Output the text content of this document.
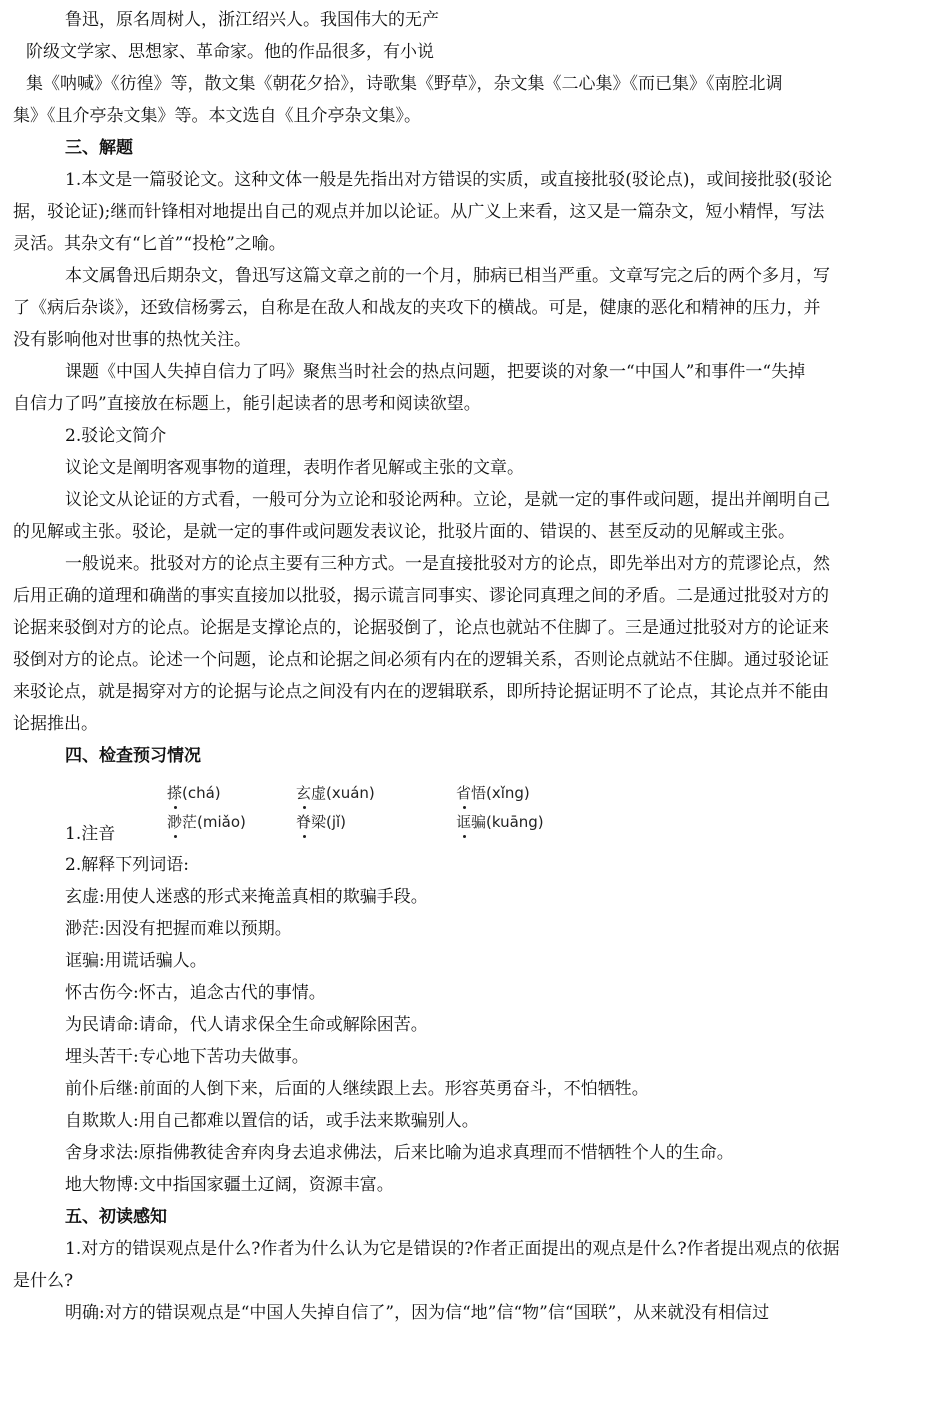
鲁迅，原名周树人，浙江绍兴人。我国伟大的无产
阶级文学家、思想家、革命家。他的作品很多，有小说
集《呐喊》《彷徨》等，散文集《朝花夕拾》，诗歌集《野草》，杂文集《二心集》《而已集》《南腔北调
集》《且介亭杂文集》等。本文选自《且介亭杂文集》。
三、解题
1.本文是一篇驳论文。这种文体一般是先指出对方错误的实质，或直接批驳(驳论点)，或间接批驳(驳论
据，驳论证);继而针锋相对地提出自己的观点并加以论证。从广义上来看，这又是一篇杂文，短小精悍，写法
灵活。其杂文有“匕首”“投枪”之喻。
本文属鲁迅后期杂文，鲁迅写这篇文章之前的一个月，肺病已相当严重。文章写完之后的两个多月，写
了《病后杂谈》，还致信杨雾云，自称是在敌人和战友的夹攻下的横战。可是，健康的恶化和精神的压力，并
没有影响他对世事的热忱关注。
课题《中国人失掉自信力了吗》聚焦当时社会的热点问题，把要谈的对象一“中国人”和事件一“失掉
自信力了吗”直接放在标题上，能引起读者的思考和阅读欲望。
2.驳论文简介
议论文是阐明客观事物的道理，表明作者见解或主张的文章。
议论文从论证的方式看，一般可分为立论和驳论两种。立论，是就一定的事件或问题，提出并阐明自己
的见解或主张。驳论，是就一定的事件或问题发表议论，批驳片面的、错误的、甚至反动的见解或主张。
一般说来。批驳对方的论点主要有三种方式。一是直接批驳对方的论点，即先举出对方的荒谬论点，然
后用正确的道理和确凿的事实直接加以批驳，揭示谎言同事实、谬论同真理之间的矛盾。二是通过批驳对方的
论据来驳倒对方的论点。论据是支撑论点的，论据驳倒了，论点也就站不住脚了。三是通过批驳对方的论证来
驳倒对方的论点。论述一个问题，论点和论据之间必须有内在的逻辑关系，否则论点就站不住脚。通过驳论证
来驳论点，就是揭穿对方的论据与论点之间没有内在的逻辑联系，即所持论据证明不了论点，其论点并不能由
论据推出。
四、检查预习情况
搽(chá)	玄虚(xuán)	省悟(xǐng)
渺茫(miǎo)	脊梁(jǐ)	诓骗(kuāng)
1.注音
2.解释下列词语:
玄虚:用使人迷惑的形式来掩盖真相的欺骗手段。
渺茫:因没有把握而难以预期。
诓骗:用谎话骗人。
怀古伤今:怀古，追念古代的事情。
为民请命:请命，代人请求保全生命或解除困苦。
埋头苦干:专心地下苦功夫做事。
前仆后继:前面的人倒下来，后面的人继续跟上去。形容英勇奋斗，不怕牺牲。
自欺欺人:用自己都难以置信的话，或手法来欺骗别人。
舍身求法:原指佛教徒舍弃肉身去追求佛法，后来比喻为追求真理而不惜牺牲个人的生命。
地大物博:文中指国家疆土辽阔，资源丰富。
五、初读感知
1.对方的错误观点是什么?作者为什么认为它是错误的?作者正面提出的观点是什么?作者提出观点的依据
是什么?
明确:对方的错误观点是“中国人失掉自信了”，因为信“地”信“物”信“国联”，从来就没有相信过
